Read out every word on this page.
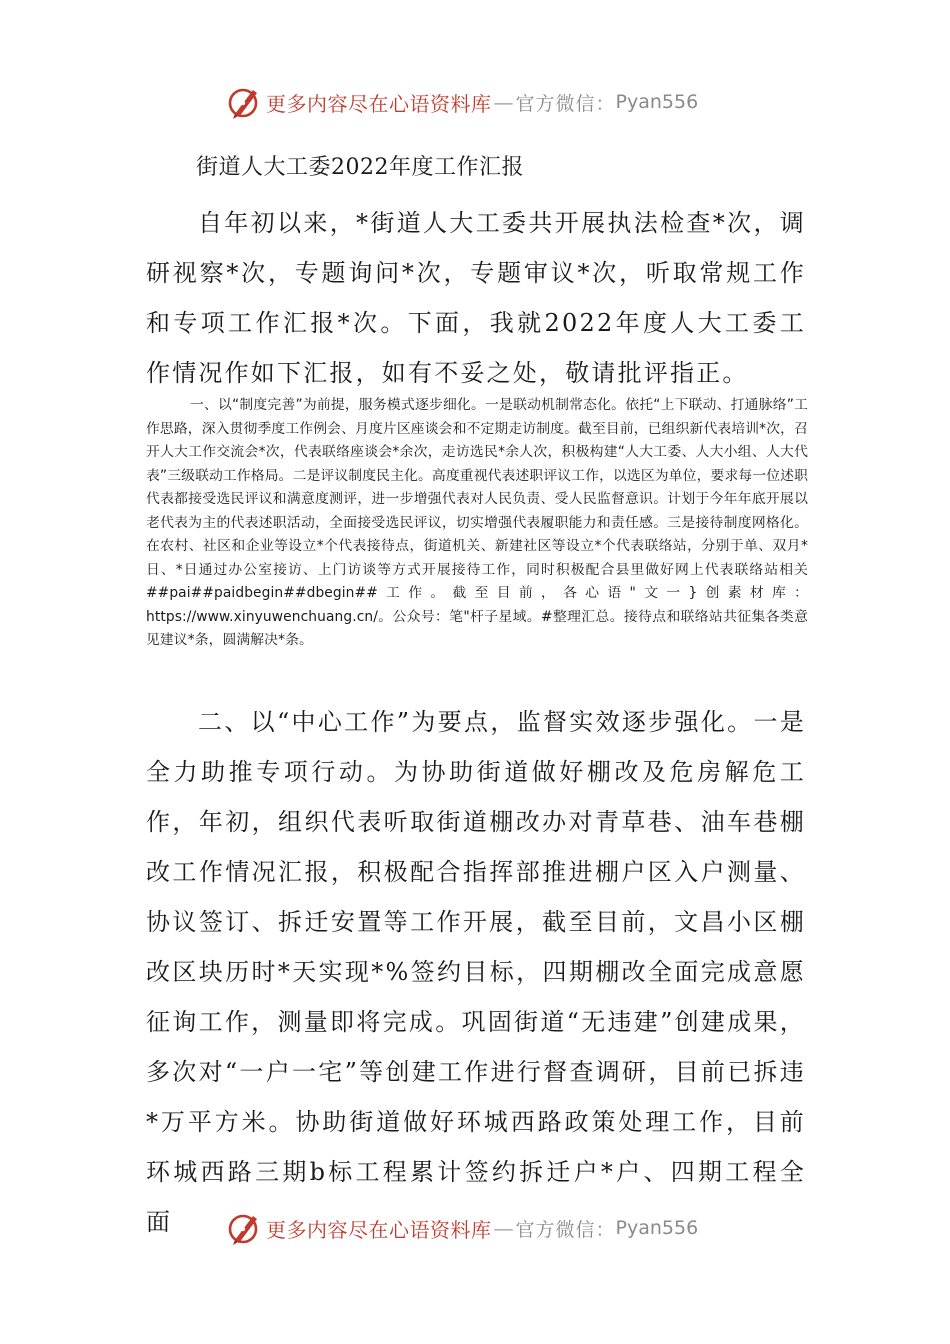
更多内容尽在心语资料库 — 官方微信： Pyan556
街道人大工委2022年度工作汇报

自年初以来，*街道人大工委共开展执法检查*次，调研视察*次，专题询问*次，专题审议*次，听取常规工作和专项工作汇报*次。下面，我就2022年度人大工委工作情况作如下汇报，如有不妥之处，敬请批评指正。

一、以“制度完善”为前提，服务模式逐步细化。一是联动机制常态化。依托“上下联动、打通脉络”工作思路，深入贯彻季度工作例会、月度片区座谈会和不定期走访制度。截至目前，已组织新代表培训*次，召开人大工作交流会*次，代表联络座谈会*余次，走访选民*余人次，积极构建“人大工委、人大小组、人大代表”三级联动工作格局。二是评议制度民主化。高度重视代表述职评议工作，以选区为单位，要求每一位述职代表都接受选民评议和满意度测评，进一步增强代表对人民负责、受人民监督意识。计划于今年年底开展以老代表为主的代表述职活动，全面接受选民评议，切实增强代表履职能力和责任感。三是接待制度网格化。在农村、社区和企业等设立*个代表接待点，街道机关、新建社区等设立*个代表联络站，分别于单、双月*日、*日通过办公室接访、上门访谈等方式开展接待工作，同时积极配合县里做好网上代表联络站相关##pai##paidbegin##dbegin##工作。截至目前，各心语"文一}创素材库：https://www.xinyuwenchuang.cn/。公众号：笔"杆子星域。#整理汇总。接待点和联络站共征集各类意见建议*条，圆满解决*条。

二、以“中心工作”为要点，监督实效逐步强化。一是全力助推专项行动。为协助街道做好棚改及危房解危工作，年初，组织代表听取街道棚改办对青草巷、油车巷棚改工作情况汇报，积极配合指挥部推进棚户区入户测量、协议签订、拆迁安置等工作开展，截至目前，文昌小区棚改区块历时*天实现*%签约目标，四期棚改全面完成意愿征询工作，测量即将完成。巩固街道“无违建”创建成果，多次对“一户一宅”等创建工作进行督查调研，目前已拆违*万平方米。协助街道做好环城西路政策处理工作，目前环城西路三期b标工程累计签约拆迁户*户、四期工程全面	更多内容尽在心语资料库 — 官方微信： Pyan556
